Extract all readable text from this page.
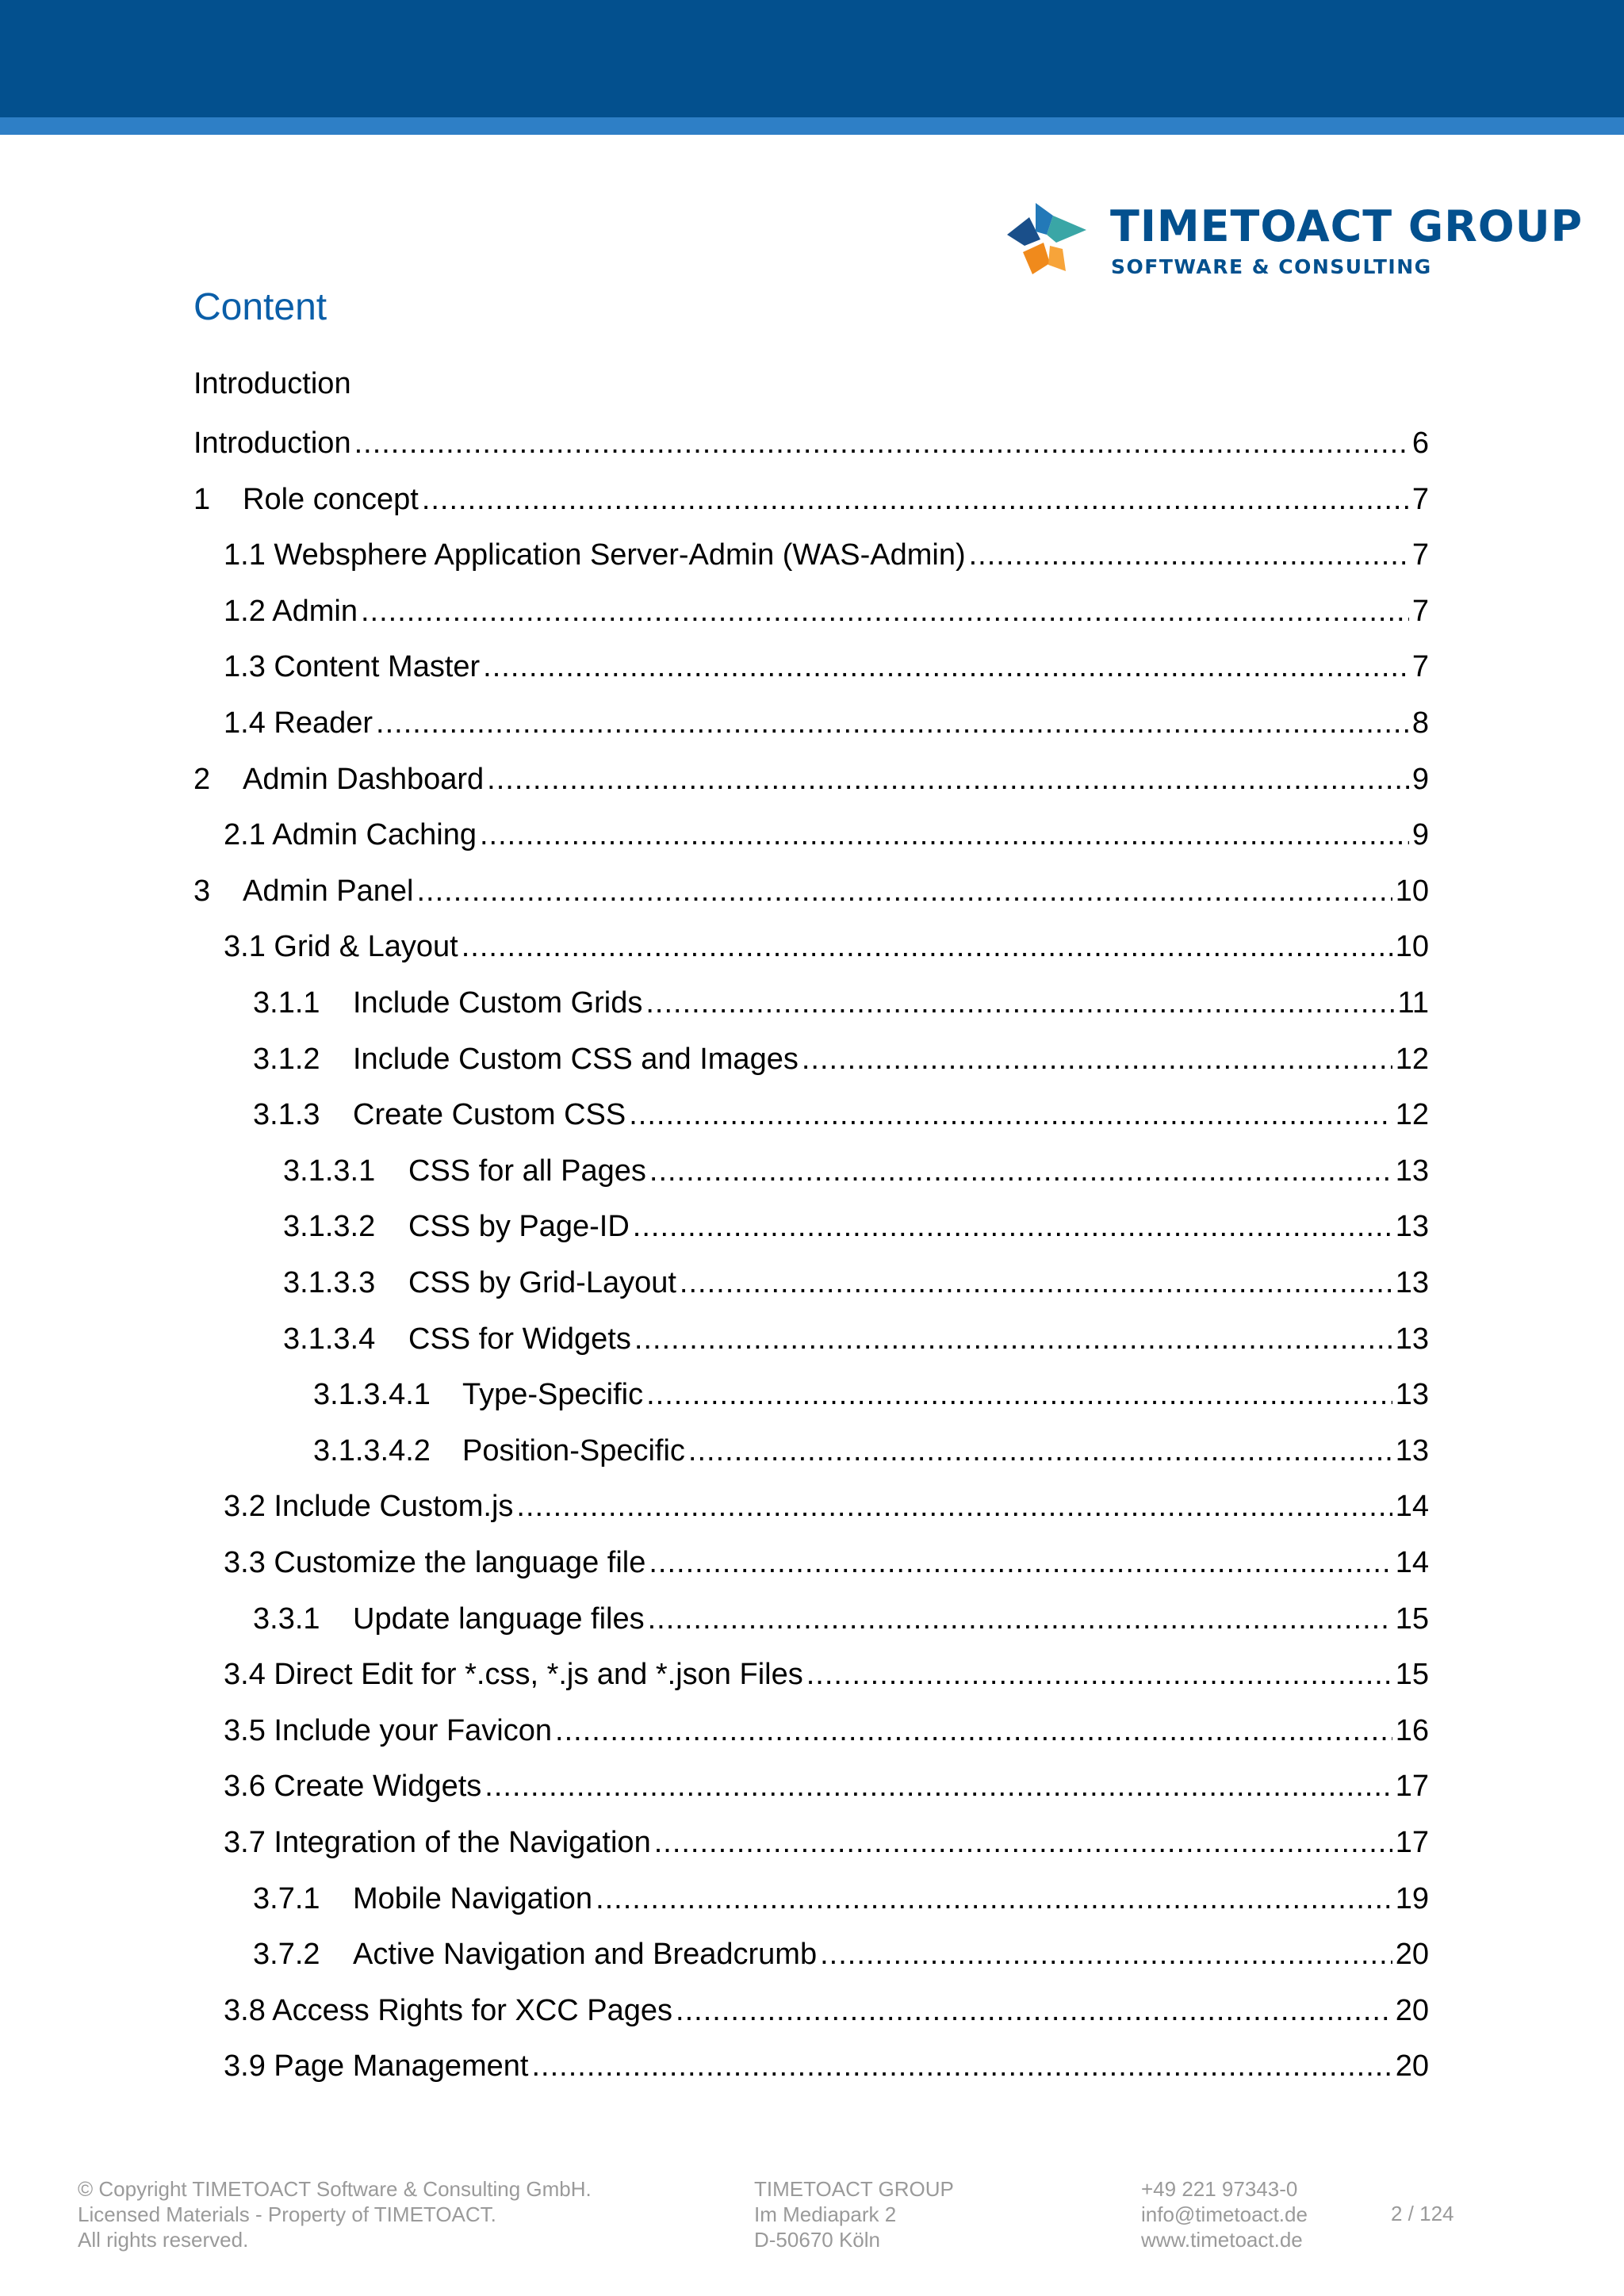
TIMETOACT GROUP
SOFTWARE & CONSULTING
Content
Introduction
Introduction .....	6
1	Role concept .....	7
1.1 Websphere Application Server-Admin (WAS-Admin) .....	7
1.2 Admin .....	7
1.3 Content Master .....	7
1.4 Reader .....	8
2	Admin Dashboard .....	9
2.1 Admin Caching .....	9
3	Admin Panel .....	10
3.1 Grid & Layout .....	10
3.1.1	Include Custom Grids .....	11
3.1.2	Include Custom CSS and Images .....	12
3.1.3	Create Custom CSS .....	12
3.1.3.1	CSS for all Pages .....	13
3.1.3.2	CSS by Page-ID .....	13
3.1.3.3	CSS by Grid-Layout .....	13
3.1.3.4	CSS for Widgets .....	13
3.1.3.4.1	Type-Specific .....	13
3.1.3.4.2	Position-Specific .....	13
3.2 Include Custom.js .....	14
3.3 Customize the language file .....	14
3.3.1	Update language files .....	15
3.4 Direct Edit for *.css, *.js and *.json Files .....	15
3.5 Include your Favicon .....	16
3.6 Create Widgets .....	17
3.7 Integration of the Navigation .....	17
3.7.1	Mobile Navigation .....	19
3.7.2	Active Navigation and Breadcrumb .....	20
3.8 Access Rights for XCC Pages .....	20
3.9 Page Management .....	20
© Copyright TIMETOACT Software & Consulting GmbH.
Licensed Materials - Property of TIMETOACT.
All rights reserved.
TIMETOACT GROUP
Im Mediapark 2
D-50670 Köln
+49 221 97343-0
info@timetoact.de
www.timetoact.de
2 / 124
